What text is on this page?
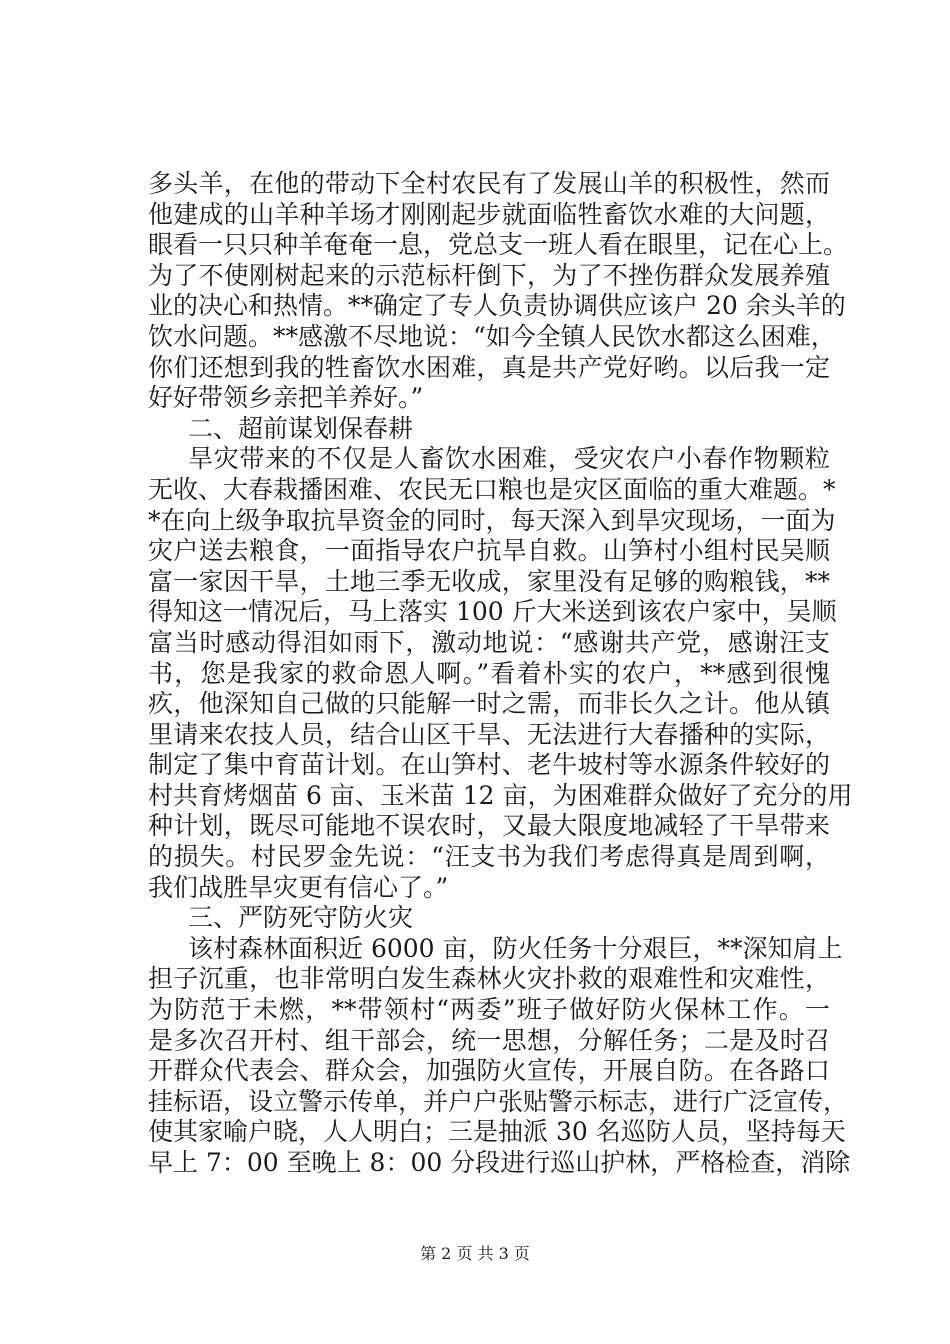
多头羊，在他的带动下全村农民有了发展山羊的积极性，然而
他建成的山羊种羊场才刚刚起步就面临牲畜饮水难的大问题，
眼看一只只种羊奄奄一息，党总支一班人看在眼里，记在心上。
为了不使刚树起来的示范标杆倒下，为了不挫伤群众发展养殖
业的决心和热情。**确定了专人负责协调供应该户 20 余头羊的
饮水问题。**感激不尽地说：“如今全镇人民饮水都这么困难，
你们还想到我的牲畜饮水困难，真是共产党好哟。以后我一定
好好带领乡亲把羊养好。”
二、超前谋划保春耕
旱灾带来的不仅是人畜饮水困难，受灾农户小春作物颗粒
无收、大春栽播困难、农民无口粮也是灾区面临的重大难题。*
*在向上级争取抗旱资金的同时，每天深入到旱灾现场，一面为
灾户送去粮食，一面指导农户抗旱自救。山笋村小组村民吴顺
富一家因干旱，土地三季无收成，家里没有足够的购粮钱，**
得知这一情况后，马上落实 100 斤大米送到该农户家中，吴顺
富当时感动得泪如雨下，激动地说：“感谢共产党，感谢汪支
书，您是我家的救命恩人啊。”看着朴实的农户，**感到很愧
疚，他深知自己做的只能解一时之需，而非长久之计。他从镇
里请来农技人员，结合山区干旱、无法进行大春播种的实际，
制定了集中育苗计划。在山笋村、老牛坡村等水源条件较好的
村共育烤烟苗 6 亩、玉米苗 12 亩，为困难群众做好了充分的用
种计划，既尽可能地不误农时，又最大限度地减轻了干旱带来
的损失。村民罗金先说：“汪支书为我们考虑得真是周到啊，
我们战胜旱灾更有信心了。”
三、严防死守防火灾
该村森林面积近 6000 亩，防火任务十分艰巨，**深知肩上
担子沉重，也非常明白发生森林火灾扑救的艰难性和灾难性，
为防范于未燃，**带领村“两委”班子做好防火保林工作。一
是多次召开村、组干部会，统一思想，分解任务；二是及时召
开群众代表会、群众会，加强防火宣传，开展自防。在各路口
挂标语，设立警示传单，并户户张贴警示标志，进行广泛宣传，
使其家喻户晓，人人明白；三是抽派 30 名巡防人员，坚持每天
早上 7：00 至晚上 8：00 分段进行巡山护林，严格检查，消除
第 2 页 共 3 页
